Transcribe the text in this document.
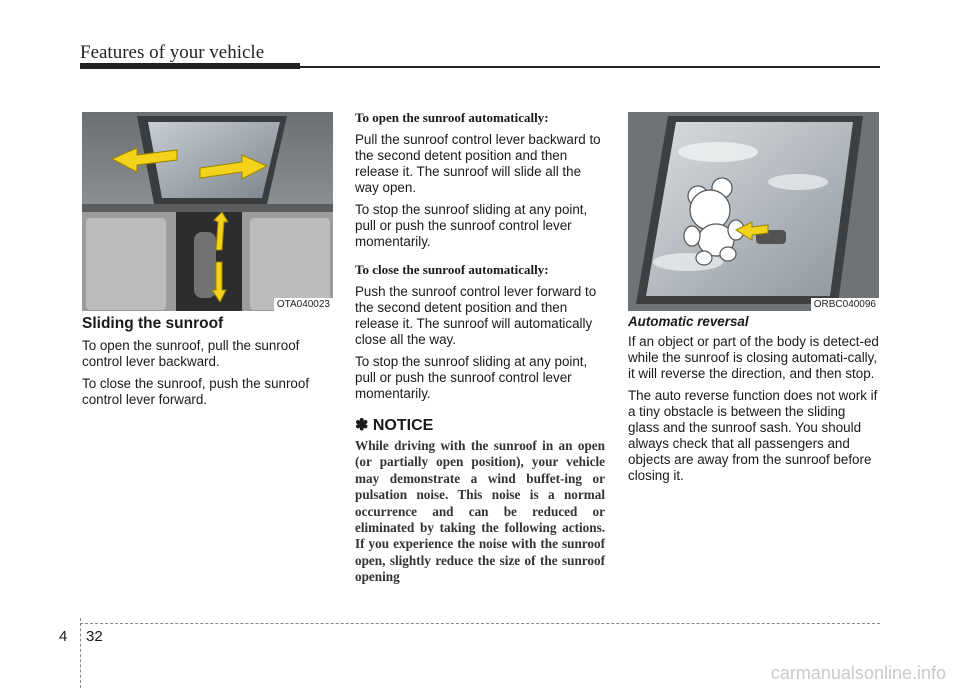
Features of your vehicle
OTA040023	ORBC040096
Sliding the sunroof

To open the sunroof, pull the sunroof control lever backward.

To close the sunroof, push the sunroof control lever forward.

To open the sunroof automatically:

Pull the sunroof control lever backward to the second detent position and then release it. The sunroof will slide all the way open.

To stop the sunroof sliding at any point, pull or push the sunroof control lever momentarily.

To close the sunroof automatically:

Push the sunroof control lever forward to the second detent position and then release it. The sunroof will automatically close all the way.

To stop the sunroof sliding at any point, pull or push the sunroof control lever momentarily.

✽ NOTICE
While driving with the sunroof in an open (or partially open position), your vehicle may demonstrate a wind buffet-ing or pulsation noise. This noise is a normal occurrence and can be reduced or eliminated by taking the following actions. If you experience the noise with the sunroof open, slightly reduce the size of the sunroof opening
Automatic reversal

If an object or part of the body is detect-ed while the sunroof is closing automati-cally, it will reverse the direction, and then stop.

The auto reverse function does not work if a tiny obstacle is between the sliding glass and the sunroof sash. You should always check that all passengers and objects are away from the sunroof before closing it.

4 32
carmanualsonline.info
